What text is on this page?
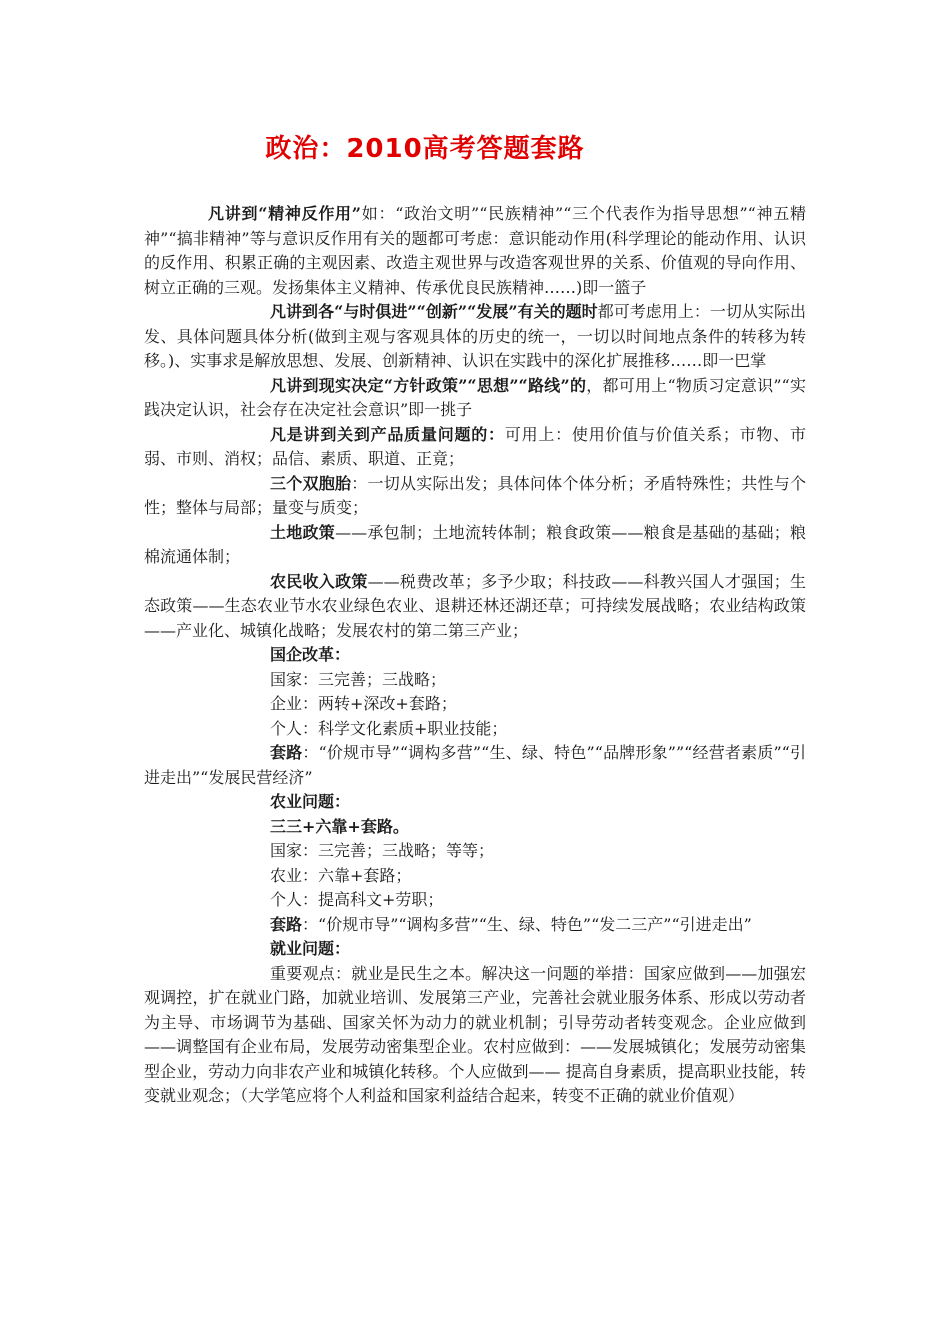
政治：2010高考答题套路

凡讲到“精神反作用”如：“政治文明”“民族精神”“三个代表作为指导思想”“神五精神”“搞非精神”等与意识反作用有关的题都可考虑：意识能动作用(科学理论的能动作用、认识的反作用、积累正确的主观因素、改造主观世界与改造客观世界的关系、价值观的导向作用、树立正确的三观。发扬集体主义精神、传承优良民族精神……)即一篮子

凡讲到各“与时俱进”“创新”“发展”有关的题时都可考虑用上：一切从实际出发、具体问题具体分析(做到主观与客观具体的历史的统一，一切以时间地点条件的转移为转移。)、实事求是解放思想、发展、创新精神、认识在实践中的深化扩展推移……即一巴掌

凡讲到现实决定“方针政策”“思想”“路线”的，都可用上“物质习定意识”“实践决定认识，社会存在决定社会意识”即一挑子

凡是讲到关到产品质量问题的：可用上：使用价值与价值关系；市物、市弱、市则、消权；品信、素质、职道、正竟；

三个双胞胎：一切从实际出发；具体问体个体分析；矛盾特殊性；共性与个性；整体与局部；量变与质变；

土地政策——承包制；土地流转体制；粮食政策——粮食是基础的基础；粮棉流通体制；

农民收入政策——税费改革；多予少取；科技政——科教兴国人才强国；生态政策——生态农业节水农业绿色农业、退耕还林还湖还草；可持续发展战略；农业结构政策——产业化、城镇化战略；发展农村的第二第三产业；

国企改革：

国家：三完善；三战略；

企业：两转+深改+套路；

个人：科学文化素质+职业技能；

套路：“价规市导”“调构多营”“生、绿、特色”“品牌形象””“经营者素质”“引进走出”“发展民营经济”

农业问题：

三三+六靠+套路。

国家：三完善；三战略；等等；

农业：六靠+套路；

个人：提高科文+劳职；

套路：“价规市导”“调构多营”“生、绿、特色”“发二三产”“引进走出”

就业问题：

重要观点：就业是民生之本。解决这一问题的举措：国家应做到——加强宏观调控，扩在就业门路，加就业培训、发展第三产业，完善社会就业服务体系、形成以劳动者为主导、市场调节为基础、国家关怀为动力的就业机制；引导劳动者转变观念。企业应做到——调整国有企业布局，发展劳动密集型企业。农村应做到：——发展城镇化；发展劳动密集型企业，劳动力向非农产业和城镇化转移。个人应做到—— 提高自身素质，提高职业技能，转变就业观念；（大学笔应将个人利益和国家利益结合起来，转变不正确的就业价值观）
